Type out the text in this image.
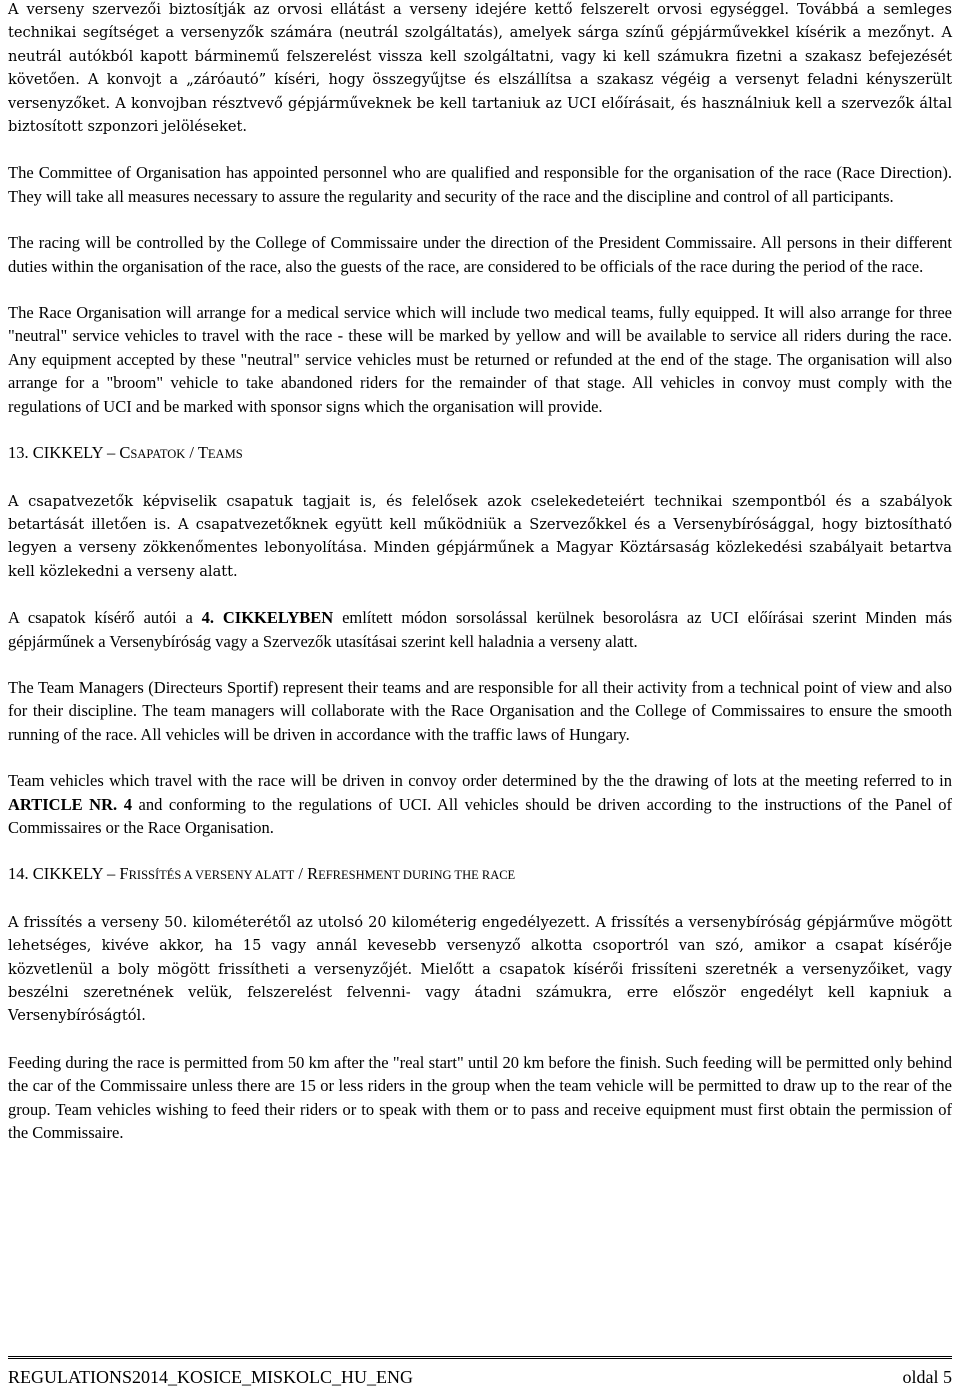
A verseny szervezői biztosítják az orvosi ellátást a verseny idejére kettő felszerelt orvosi egységgel. Továbbá a semleges technikai segítséget a versenyzők számára (neutrál szolgáltatás), amelyek sárga színű gépjárművekkel kísérik a mezőnyt. A neutrál autókból kapott bárminemű felszerelést vissza kell szolgáltatni, vagy ki kell számukra fizetni a szakasz befejezését követően. A konvojt a „záróautó” kíséri, hogy összegyűjtse és elszállítsa a szakasz végéig a versenyt feladni kényszerült versenyzőket. A konvojban résztvevő gépjárműveknek be kell tartaniuk az UCI előírásait, és használniuk kell a szervezők által biztosított szponzori jelöléseket.

The Committee of Organisation has appointed personnel who are qualified and responsible for the organisation of the race (Race Direction). They will take all measures necessary to assure the regularity and security of the race and the discipline and control of all participants.

The racing will be controlled by the College of Commissaire under the direction of the President Commissaire. All persons in their different duties within the organisation of the race, also the guests of the race, are considered to be officials of the race during the period of the race.

The Race Organisation will arrange for a medical service which will include two medical teams, fully equipped. It will also arrange for three "neutral" service vehicles to travel with the race - these will be marked by yellow and will be available to service all riders during the race. Any equipment accepted by these "neutral" service vehicles must be returned or refunded at the end of the stage. The organisation will also arrange for a "broom" vehicle to take abandoned riders for the remainder of that stage. All vehicles in convoy must comply with the regulations of UCI and be marked with sponsor signs which the organisation will provide.

13. CIKKELY – CSAPATOK / TEAMS

A csapatvezetők képviselik csapatuk tagjait is, és felelősek azok cselekedeteiért technikai szempontból és a szabályok betartását illetően is. A csapatvezetőknek együtt kell működniük a Szervezőkkel és a Versenybírósággal, hogy biztosítható legyen a verseny zökkenőmentes lebonyolítása. Minden gépjárműnek a Magyar Köztársaság közlekedési szabályait betartva kell közlekedni a verseny alatt.

A csapatok kísérő autói a 4. CIKKELYBEN említett módon sorsolással kerülnek besorolásra az UCI előírásai szerint Minden más gépjárműnek a Versenybíróság vagy a Szervezők utasításai szerint kell haladnia a verseny alatt.

The Team Managers (Directeurs Sportif) represent their teams and are responsible for all their activity from a technical point of view and also for their discipline. The team managers will collaborate with the Race Organisation and the College of Commissaires to ensure the smooth running of the race. All vehicles will be driven in accordance with the traffic laws of Hungary.

Team vehicles which travel with the race will be driven in convoy order determined by the the drawing of lots at the meeting referred to in ARTICLE NR. 4 and conforming to the regulations of UCI. All vehicles should be driven according to the instructions of the Panel of Commissaires or the Race Organisation.

14. CIKKELY – FRISSÍTÉS A VERSENY ALATT / REFRESHMENT DURING THE RACE

A frissítés a verseny 50. kilométerétől az utolsó 20 kilométerig engedélyezett. A frissítés a versenybíróság gépjárműve mögött lehetséges, kivéve akkor, ha 15 vagy annál kevesebb versenyző alkotta csoportról van szó, amikor a csapat kísérője közvetlenül a boly mögött frissítheti a versenyzőjét. Mielőtt a csapatok kísérői frissíteni szeretnék a versenyzőiket, vagy beszélni szeretnének velük, felszerelést felvenni- vagy átadni számukra, erre először engedélyt kell kapniuk a Versenybíróságtól.

Feeding during the race is permitted from 50 km after the "real start" until 20 km before the finish. Such feeding will be permitted only behind the car of the Commissaire unless there are 15 or less riders in the group when the team vehicle will be permitted to draw up to the rear of the group. Team vehicles wishing to feed their riders or to speak with them or to pass and receive equipment must first obtain the permission of the Commissaire.

REGULATIONS2014_KOSICE_MISKOLC_HU_ENG	oldal 5
